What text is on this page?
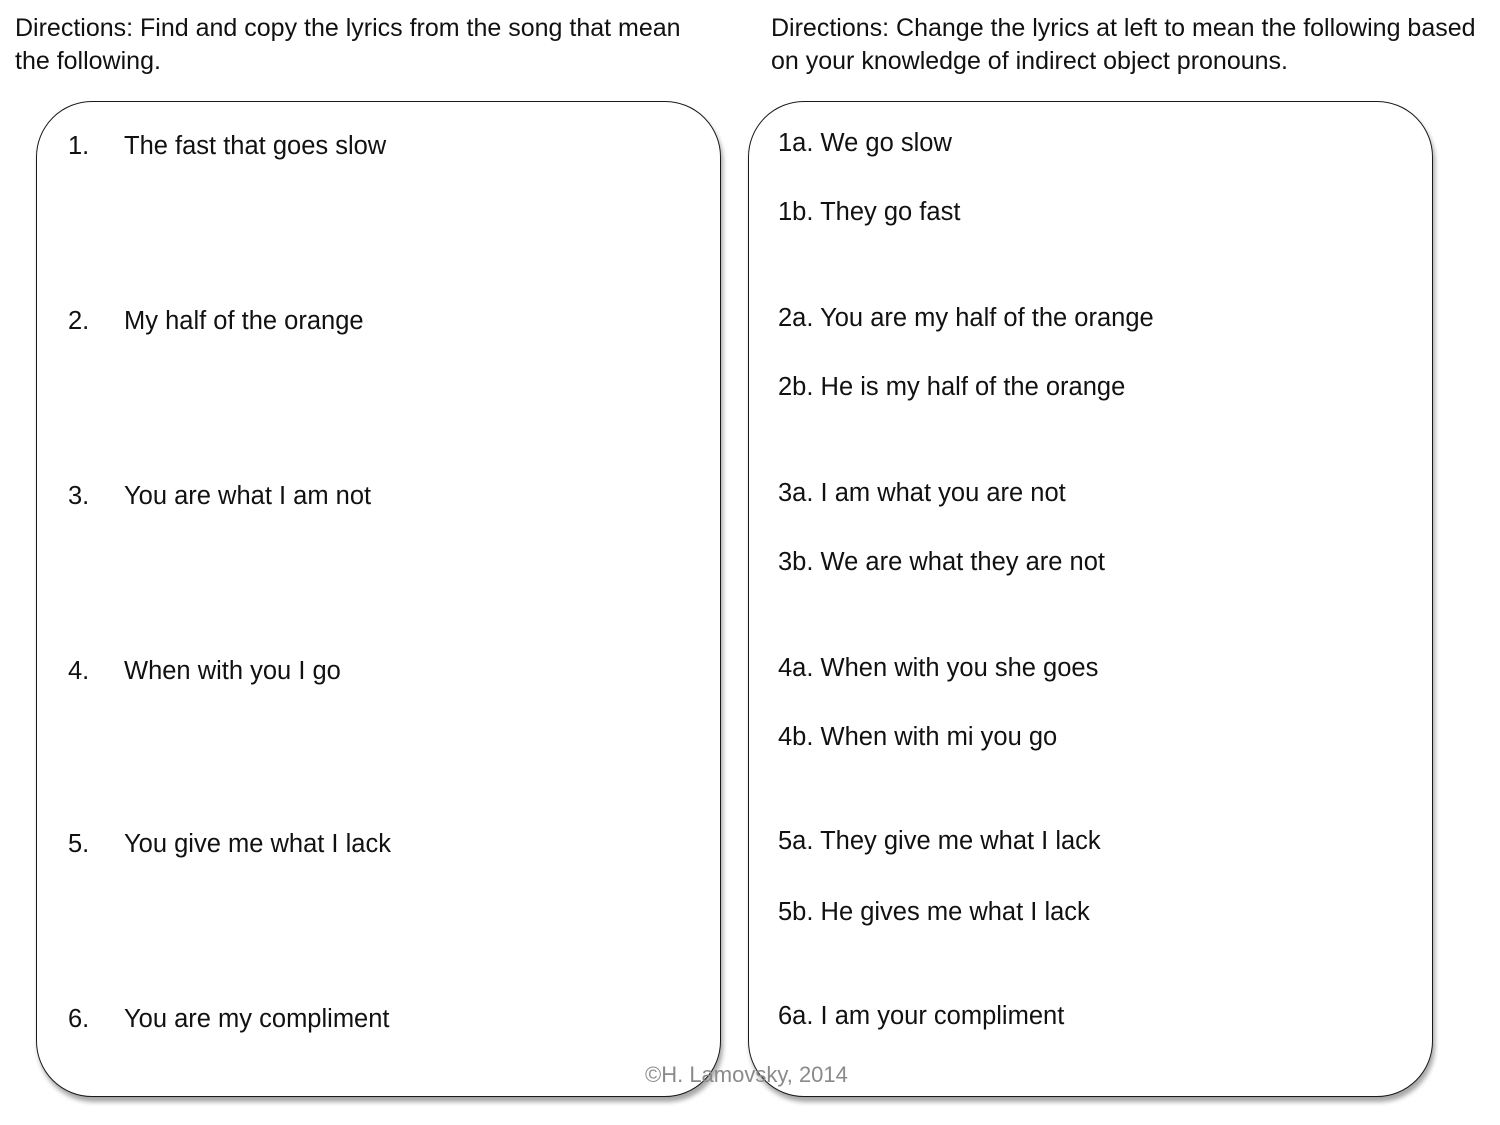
Directions: Find and copy the lyrics from the song that mean the following.

Directions: Change the lyrics at left to mean the following based on your knowledge of indirect object pronouns.

1. The fast that goes slow
2. My half of the orange
3. You are what I am not
4. When with you I go
5. You give me what I lack
6. You are my compliment
1a. We go slow
1b. They go fast
2a. You are my half of the orange
2b. He is my half of the orange
3a. I am what you are not
3b. We are what they are not
4a. When with you she goes
4b. When with mi you go
5a. They give me what I lack
5b. He gives me what I lack
6a. I am your compliment
©H. Lamovsky, 2014
